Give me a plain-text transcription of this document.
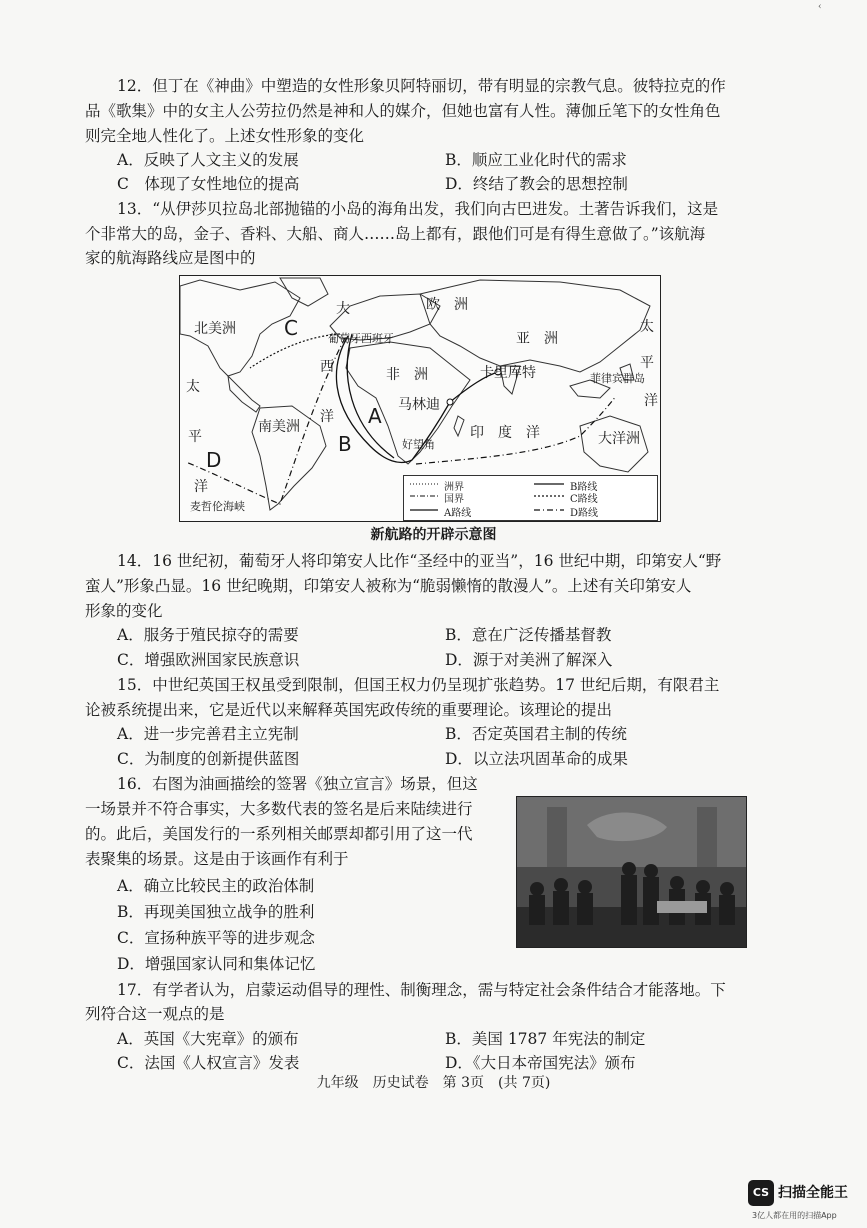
‹
12．但丁在《神曲》中塑造的女性形象贝阿特丽切，带有明显的宗教气息。彼特拉克的作
品《歌集》中的女主人公劳拉仍然是神和人的媒介，但她也富有人性。薄伽丘笔下的女性角色
则完全地人性化了。上述女性形象的变化
A．反映了人文主义的发展	B．顺应工业化时代的需求
C　体现了女性地位的提高	D．终结了教会的思想控制
13．“从伊莎贝拉岛北部抛锚的小岛的海角出发，我们向古巴进发。土著告诉我们，这是
个非常大的岛，金子、香料、大船、商人……岛上都有，跟他们可是有得生意做了。”该航海
家的航海路线应是图中的
北美洲
南美洲
欧　洲
亚　洲
非　洲
大洋洲
葡萄牙西班牙
卡里库特
马林迪
好望角
菲律宾群岛
麦哲伦海峡
印　度　洋
大
西
洋
太
平
洋
太
平
洋
A
B
C
D
洲界
国界
A路线
B路线
C路线
D路线
新航路的开辟示意图
14．16 世纪初，葡萄牙人将印第安人比作“圣经中的亚当”，16 世纪中期，印第安人“野
蛮人”形象凸显。16 世纪晚期，印第安人被称为“脆弱懒惰的散漫人”。上述有关印第安人
形象的变化
A．服务于殖民掠夺的需要	B．意在广泛传播基督教
C．增强欧洲国家民族意识	D．源于对美洲了解深入
15．中世纪英国王权虽受到限制，但国王权力仍呈现扩张趋势。17 世纪后期，有限君主
论被系统提出来，它是近代以来解释英国宪政传统的重要理论。该理论的提出
A．进一步完善君主立宪制	B．否定英国君主制的传统
C．为制度的创新提供蓝图	D．以立法巩固革命的成果
16．右图为油画描绘的签署《独立宣言》场景，但这
一场景并不符合事实，大多数代表的签名是后来陆续进行
的。此后，美国发行的一系列相关邮票却都引用了这一代
表聚集的场景。这是由于该画作有利于
A．确立比较民主的政治体制
B．再现美国独立战争的胜利
C．宣扬种族平等的进步观念
D．增强国家认同和集体记忆
17．有学者认为，启蒙运动倡导的理性、制衡理念，需与特定社会条件结合才能落地。下
列符合这一观点的是
A．英国《大宪章》的颁布	B．美国 1787 年宪法的制定
C．法国《人权宣言》发表	D．《大日本帝国宪法》颁布
九年级　历史试卷　第 3页　(共 7页)
CS 扫描全能王
3亿人都在用的扫描App
